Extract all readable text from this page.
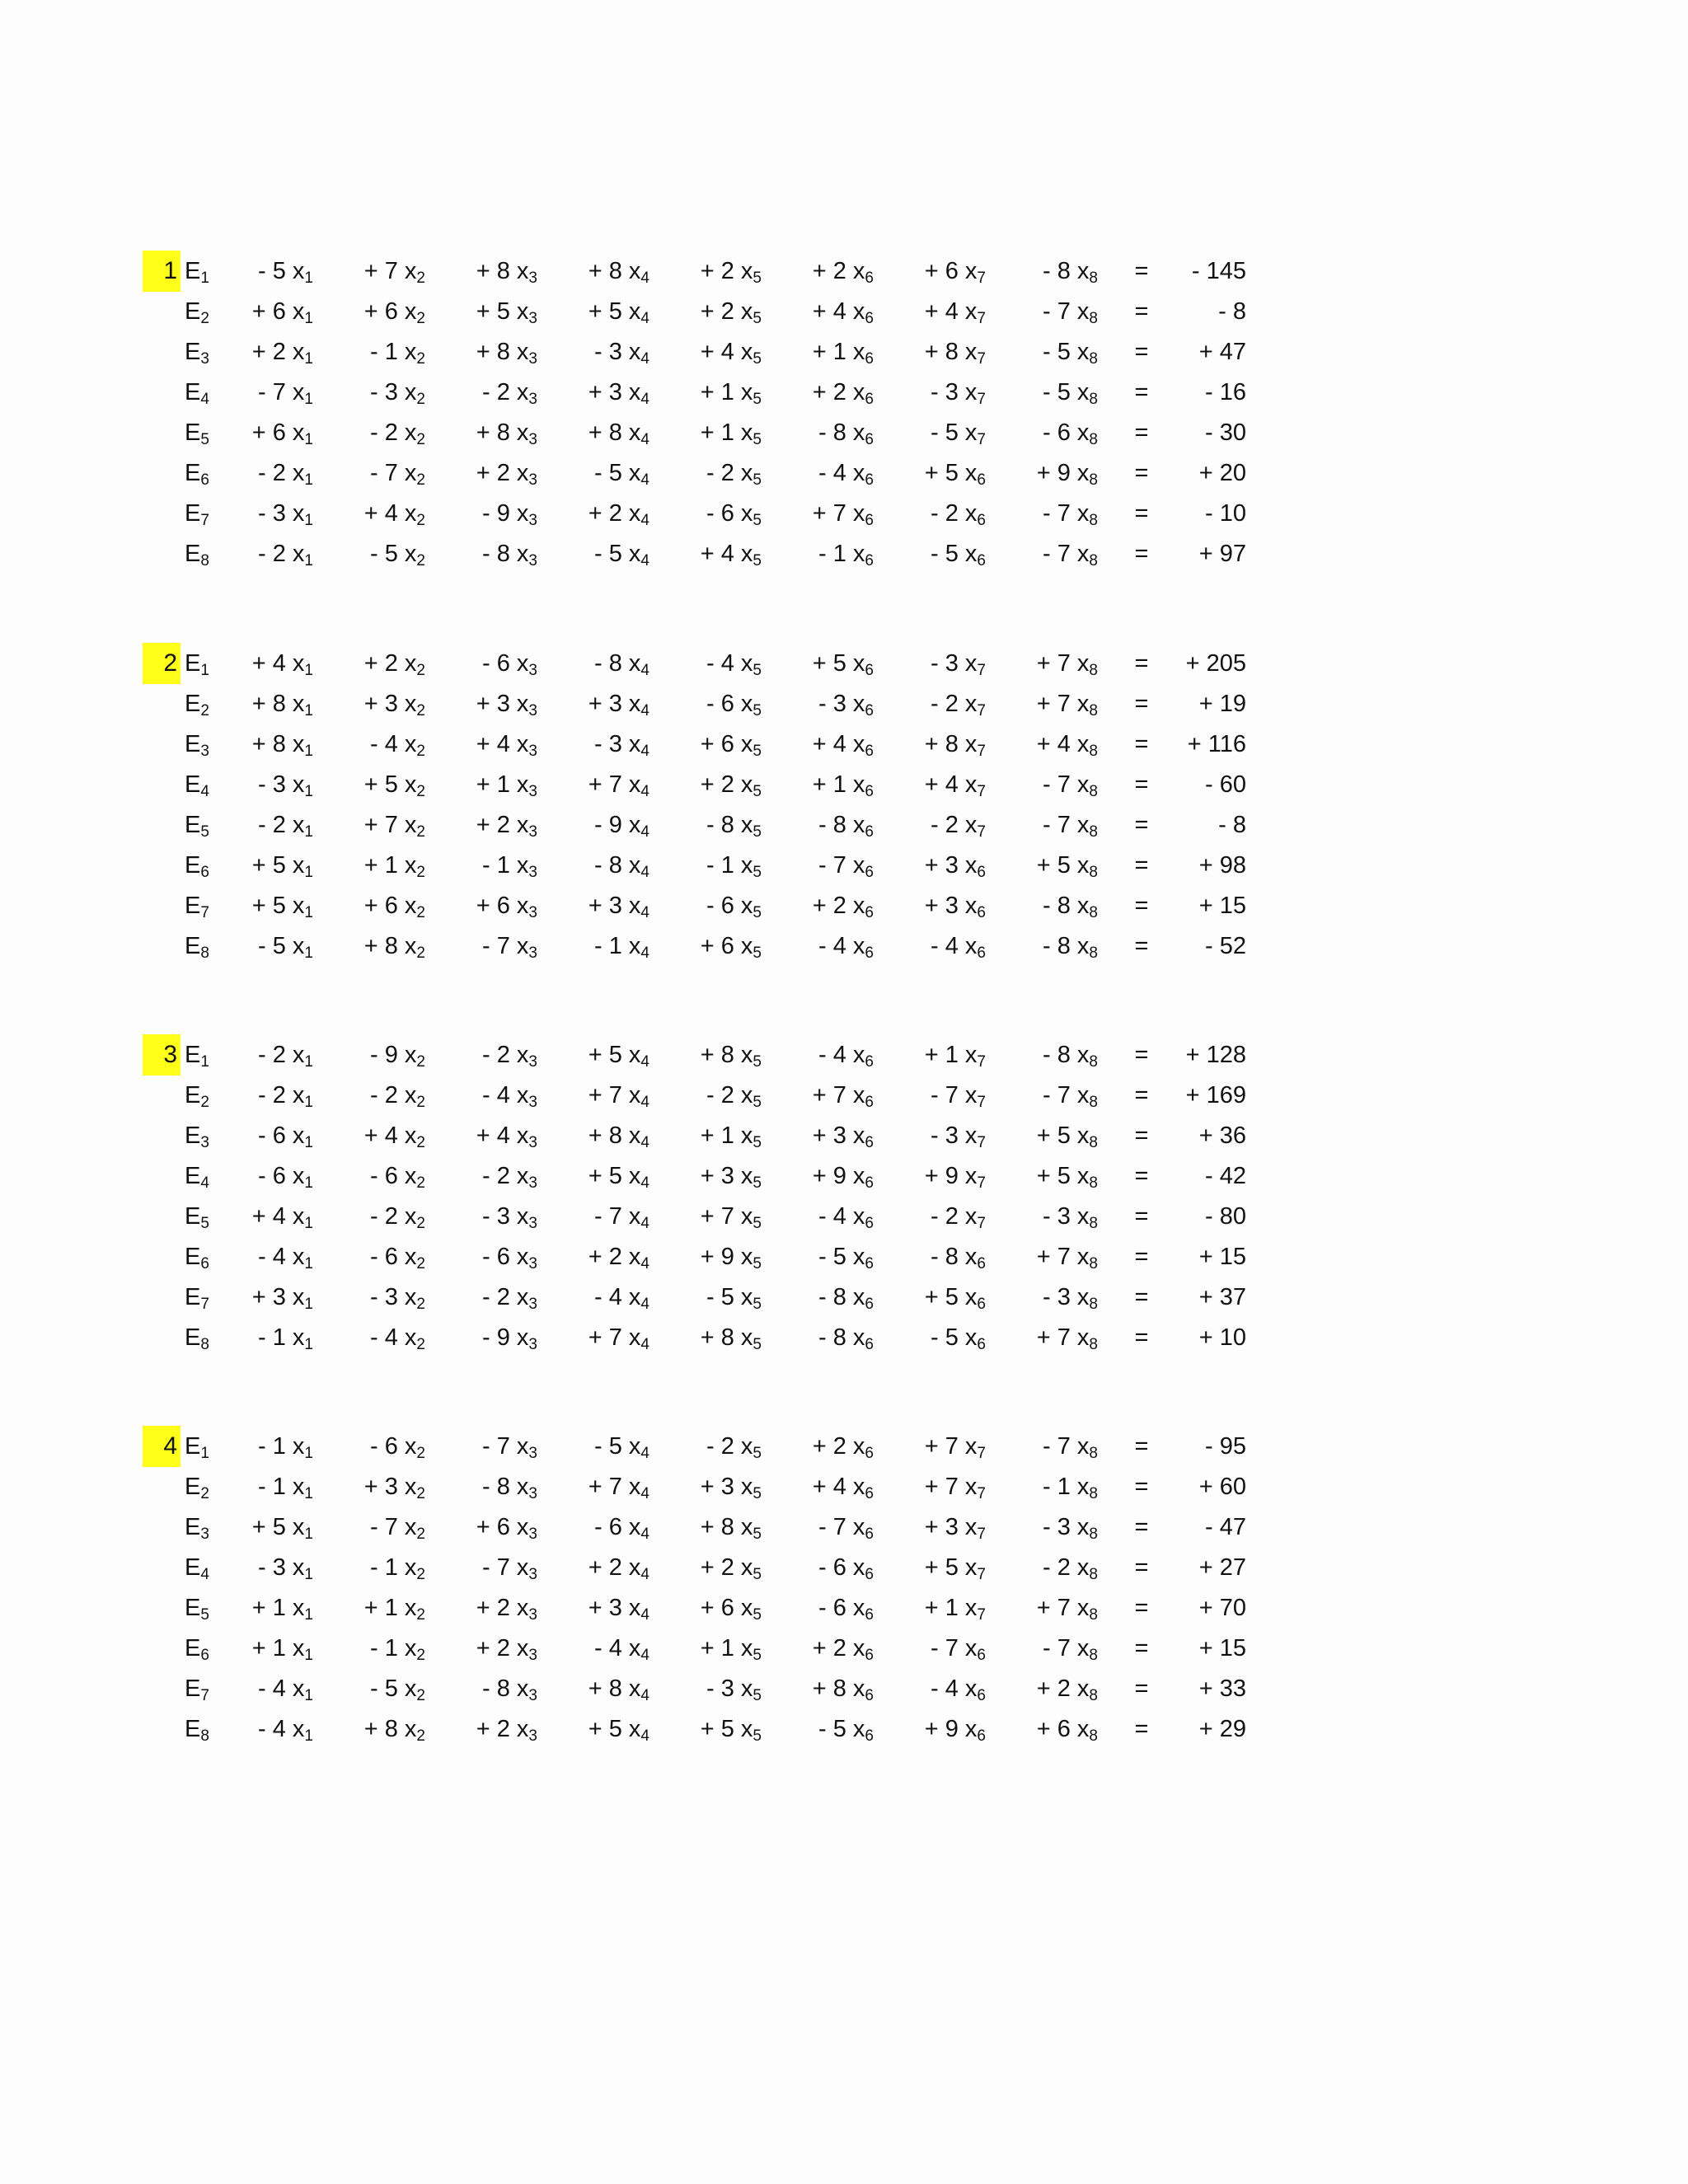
1 $E_1$	- 5 $x_1$	+ 7 $x_2$	+ 8 $x_3$	+ 8 $x_4$	+ 2 $x_5$	+ 2 $x_6$	+ 6 $x_7$	- 8 $x_8$ =	- 145
$E_2$	+ 6 $x_1$	+ 6 $x_2$	+ 5 $x_3$	+ 5 $x_4$	+ 2 $x_5$	+ 4 $x_6$	+ 4 $x_7$	- 7 $x_8$ =	- 8
$E_3$	+ 2 $x_1$	- 1 $x_2$	+ 8 $x_3$	- 3 $x_4$	+ 4 $x_5$	+ 1 $x_6$	+ 8 $x_7$	- 5 $x_8$ =	+ 47
$E_4$	- 7 $x_1$	- 3 $x_2$	- 2 $x_3$	+ 3 $x_4$	+ 1 $x_5$	+ 2 $x_6$	- 3 $x_7$	- 5 $x_8$ =	- 16
$E_5$	+ 6 $x_1$	- 2 $x_2$	+ 8 $x_3$	+ 8 $x_4$	+ 1 $x_5$	- 8 $x_6$	- 5 $x_7$	- 6 $x_8$ =	- 30
$E_6$	- 2 $x_1$	- 7 $x_2$	+ 2 $x_3$	- 5 $x_4$	- 2 $x_5$	- 4 $x_6$	+ 5 $x_6$	+ 9 $x_8$ =	+ 20
$E_7$	- 3 $x_1$	+ 4 $x_2$	- 9 $x_3$	+ 2 $x_4$	- 6 $x_5$	+ 7 $x_6$	- 2 $x_6$	- 7 $x_8$ =	- 10
$E_8$	- 2 $x_1$	- 5 $x_2$	- 8 $x_3$	- 5 $x_4$	+ 4 $x_5$	- 1 $x_6$	- 5 $x_6$	- 7 $x_8$ =	+ 97
2 $E_1$	+ 4 $x_1$	+ 2 $x_2$	- 6 $x_3$	- 8 $x_4$	- 4 $x_5$	+ 5 $x_6$	- 3 $x_7$	+ 7 $x_8$ =	+ 205
$E_2$	+ 8 $x_1$	+ 3 $x_2$	+ 3 $x_3$	+ 3 $x_4$	- 6 $x_5$	- 3 $x_6$	- 2 $x_7$	+ 7 $x_8$ =	+ 19
$E_3$	+ 8 $x_1$	- 4 $x_2$	+ 4 $x_3$	- 3 $x_4$	+ 6 $x_5$	+ 4 $x_6$	+ 8 $x_7$	+ 4 $x_8$ =	+ 116
$E_4$	- 3 $x_1$	+ 5 $x_2$	+ 1 $x_3$	+ 7 $x_4$	+ 2 $x_5$	+ 1 $x_6$	+ 4 $x_7$	- 7 $x_8$ =	- 60
$E_5$	- 2 $x_1$	+ 7 $x_2$	+ 2 $x_3$	- 9 $x_4$	- 8 $x_5$	- 8 $x_6$	- 2 $x_7$	- 7 $x_8$ =	- 8
$E_6$	+ 5 $x_1$	+ 1 $x_2$	- 1 $x_3$	- 8 $x_4$	- 1 $x_5$	- 7 $x_6$	+ 3 $x_6$	+ 5 $x_8$ =	+ 98
$E_7$	+ 5 $x_1$	+ 6 $x_2$	+ 6 $x_3$	+ 3 $x_4$	- 6 $x_5$	+ 2 $x_6$	+ 3 $x_6$	- 8 $x_8$ =	+ 15
$E_8$	- 5 $x_1$	+ 8 $x_2$	- 7 $x_3$	- 1 $x_4$	+ 6 $x_5$	- 4 $x_6$	- 4 $x_6$	- 8 $x_8$ =	- 52
3 $E_1$	- 2 $x_1$	- 9 $x_2$	- 2 $x_3$	+ 5 $x_4$	+ 8 $x_5$	- 4 $x_6$	+ 1 $x_7$	- 8 $x_8$ =	+ 128
$E_2$	- 2 $x_1$	- 2 $x_2$	- 4 $x_3$	+ 7 $x_4$	- 2 $x_5$	+ 7 $x_6$	- 7 $x_7$	- 7 $x_8$ =	+ 169
$E_3$	- 6 $x_1$	+ 4 $x_2$	+ 4 $x_3$	+ 8 $x_4$	+ 1 $x_5$	+ 3 $x_6$	- 3 $x_7$	+ 5 $x_8$ =	+ 36
$E_4$	- 6 $x_1$	- 6 $x_2$	- 2 $x_3$	+ 5 $x_4$	+ 3 $x_5$	+ 9 $x_6$	+ 9 $x_7$	+ 5 $x_8$ =	- 42
$E_5$	+ 4 $x_1$	- 2 $x_2$	- 3 $x_3$	- 7 $x_4$	+ 7 $x_5$	- 4 $x_6$	- 2 $x_7$	- 3 $x_8$ =	- 80
$E_6$	- 4 $x_1$	- 6 $x_2$	- 6 $x_3$	+ 2 $x_4$	+ 9 $x_5$	- 5 $x_6$	- 8 $x_6$	+ 7 $x_8$ =	+ 15
$E_7$	+ 3 $x_1$	- 3 $x_2$	- 2 $x_3$	- 4 $x_4$	- 5 $x_5$	- 8 $x_6$	+ 5 $x_6$	- 3 $x_8$ =	+ 37
$E_8$	- 1 $x_1$	- 4 $x_2$	- 9 $x_3$	+ 7 $x_4$	+ 8 $x_5$	- 8 $x_6$	- 5 $x_6$	+ 7 $x_8$ =	+ 10
4 $E_1$	- 1 $x_1$	- 6 $x_2$	- 7 $x_3$	- 5 $x_4$	- 2 $x_5$	+ 2 $x_6$	+ 7 $x_7$	- 7 $x_8$ =	- 95
$E_2$	- 1 $x_1$	+ 3 $x_2$	- 8 $x_3$	+ 7 $x_4$	+ 3 $x_5$	+ 4 $x_6$	+ 7 $x_7$	- 1 $x_8$ =	+ 60
$E_3$	+ 5 $x_1$	- 7 $x_2$	+ 6 $x_3$	- 6 $x_4$	+ 8 $x_5$	- 7 $x_6$	+ 3 $x_7$	- 3 $x_8$ =	- 47
$E_4$	- 3 $x_1$	- 1 $x_2$	- 7 $x_3$	+ 2 $x_4$	+ 2 $x_5$	- 6 $x_6$	+ 5 $x_7$	- 2 $x_8$ =	+ 27
$E_5$	+ 1 $x_1$	+ 1 $x_2$	+ 2 $x_3$	+ 3 $x_4$	+ 6 $x_5$	- 6 $x_6$	+ 1 $x_7$	+ 7 $x_8$ =	+ 70
$E_6$	+ 1 $x_1$	- 1 $x_2$	+ 2 $x_3$	- 4 $x_4$	+ 1 $x_5$	+ 2 $x_6$	- 7 $x_6$	- 7 $x_8$ =	+ 15
$E_7$	- 4 $x_1$	- 5 $x_2$	- 8 $x_3$	+ 8 $x_4$	- 3 $x_5$	+ 8 $x_6$	- 4 $x_6$	+ 2 $x_8$ =	+ 33
$E_8$	- 4 $x_1$	+ 8 $x_2$	+ 2 $x_3$	+ 5 $x_4$	+ 5 $x_5$	- 5 $x_6$	+ 9 $x_6$	+ 6 $x_8$ =	+ 29
